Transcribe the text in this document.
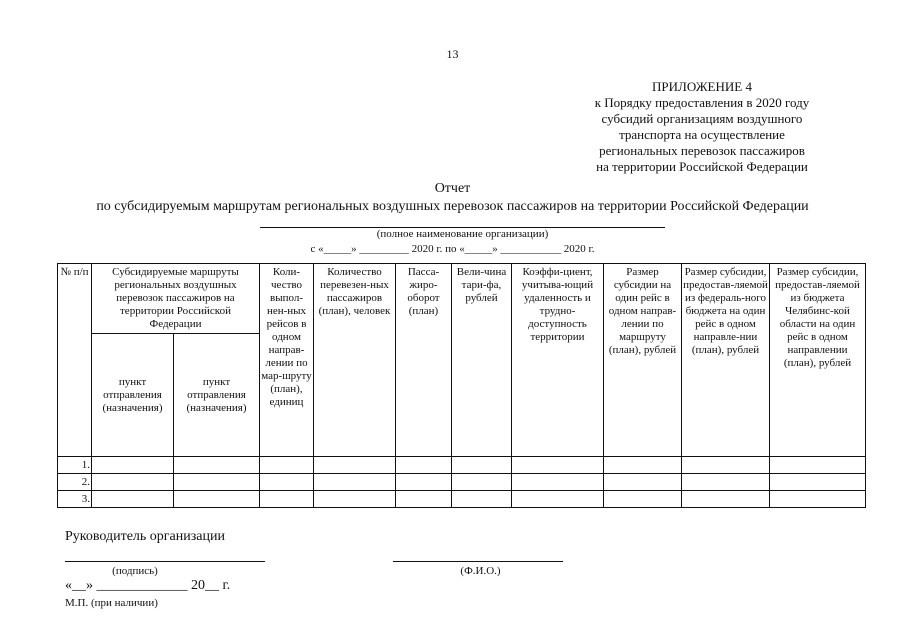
13
ПРИЛОЖЕНИЕ 4
к Порядку предоставления в 2020 году
субсидий организациям воздушного
транспорта на осуществление
региональных перевозок пассажиров
на территории Российской Федерации
Отчет
по субсидируемым маршрутам региональных воздушных перевозок пассажиров на территории Российской Федерации
(полное наименование организации)
с «_____» _________ 2020 г. по «_____» ___________ 2020 г.
№ п/п	Субсидируемые маршруты региональных воздушных перевозок пассажиров на территории Российской Федерации		Коли-чество выпол-нен-ных рейсов в одном направ-лении по мар-шруту (план), единиц	Количество перевезен-ных пассажиров (план), человек	Пасса-жиро-оборот (план)	Вели-чина тари-фа, рублей	Коэффи-циент, учитыва-ющий удаленность и трудно-доступность территории	Размер субсидии на один рейс в одном направ-лении по маршруту (план), рублей	Размер субсидии, предостав-ляемой из федераль-ного бюджета на один рейс в одном направле-нии (план), рублей	Размер субсидии, предостав-ляемой из бюджета Челябинс-кой области на один рейс в одном направлении (план), рублей
	пункт отправления (назначения)	пункт отправления (назначения)								
1.										
2.										
3.										
Руководитель организации
(подпись)	(Ф.И.О.)
«__» _____________ 20__ г.
М.П. (при наличии)
